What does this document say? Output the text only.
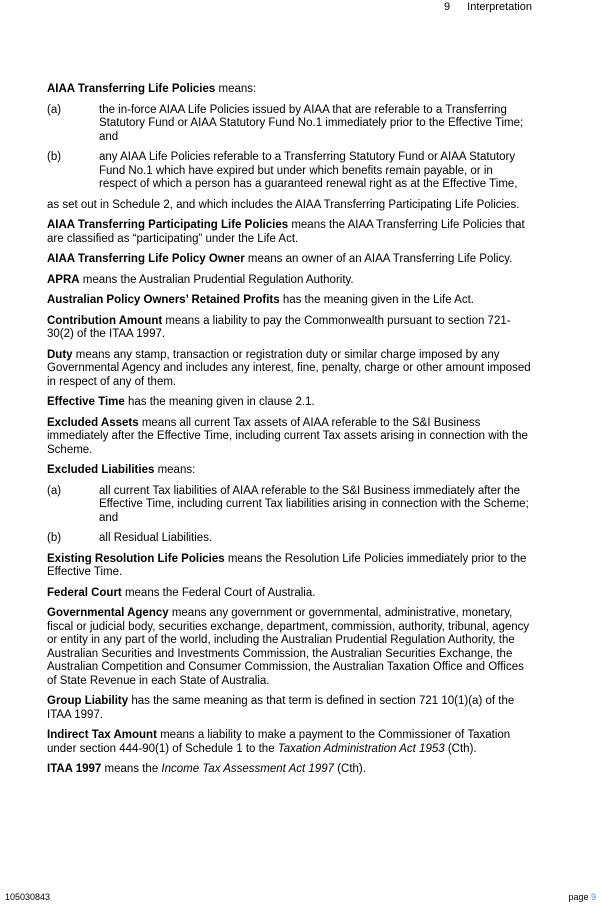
9 Interpretation

AIAA Transferring Life Policies means:

(a)	the in-force AIAA Life Policies issued by AIAA that are referable to a Transferring Statutory Fund or AIAA Statutory Fund No.1 immediately prior to the Effective Time; and
(b)	any AIAA Life Policies referable to a Transferring Statutory Fund or AIAA Statutory Fund No.1 which have expired but under which benefits remain payable, or in respect of which a person has a guaranteed renewal right as at the Effective Time,

as set out in Schedule 2, and which includes the AIAA Transferring Participating Life Policies.

AIAA Transferring Participating Life Policies means the AIAA Transferring Life Policies that are classified as “participating” under the Life Act.

AIAA Transferring Life Policy Owner means an owner of an AIAA Transferring Life Policy.

APRA means the Australian Prudential Regulation Authority.

Australian Policy Owners’ Retained Profits has the meaning given in the Life Act.

Contribution Amount means a liability to pay the Commonwealth pursuant to section 721-30(2) of the ITAA 1997.

Duty means any stamp, transaction or registration duty or similar charge imposed by any Governmental Agency and includes any interest, fine, penalty, charge or other amount imposed in respect of any of them.

Effective Time has the meaning given in clause 2.1.

Excluded Assets means all current Tax assets of AIAA referable to the S&I Business immediately after the Effective Time, including current Tax assets arising in connection with the Scheme.

Excluded Liabilities means:

(a)	all current Tax liabilities of AIAA referable to the S&I Business immediately after the Effective Time, including current Tax liabilities arising in connection with the Scheme; and
(b)	all Residual Liabilities.

Existing Resolution Life Policies means the Resolution Life Policies immediately prior to the Effective Time.

Federal Court means the Federal Court of Australia.

Governmental Agency means any government or governmental, administrative, monetary, fiscal or judicial body, securities exchange, department, commission, authority, tribunal, agency or entity in any part of the world, including the Australian Prudential Regulation Authority, the Australian Securities and Investments Commission, the Australian Securities Exchange, the Australian Competition and Consumer Commission, the Australian Taxation Office and Offices of State Revenue in each State of Australia.

Group Liability has the same meaning as that term is defined in section 721 10(1)(a) of the ITAA 1997.

Indirect Tax Amount means a liability to make a payment to the Commissioner of Taxation under section 444-90(1) of Schedule 1 to the Taxation Administration Act 1953 (Cth).

ITAA 1997 means the Income Tax Assessment Act 1997 (Cth).

105030843	page 9
